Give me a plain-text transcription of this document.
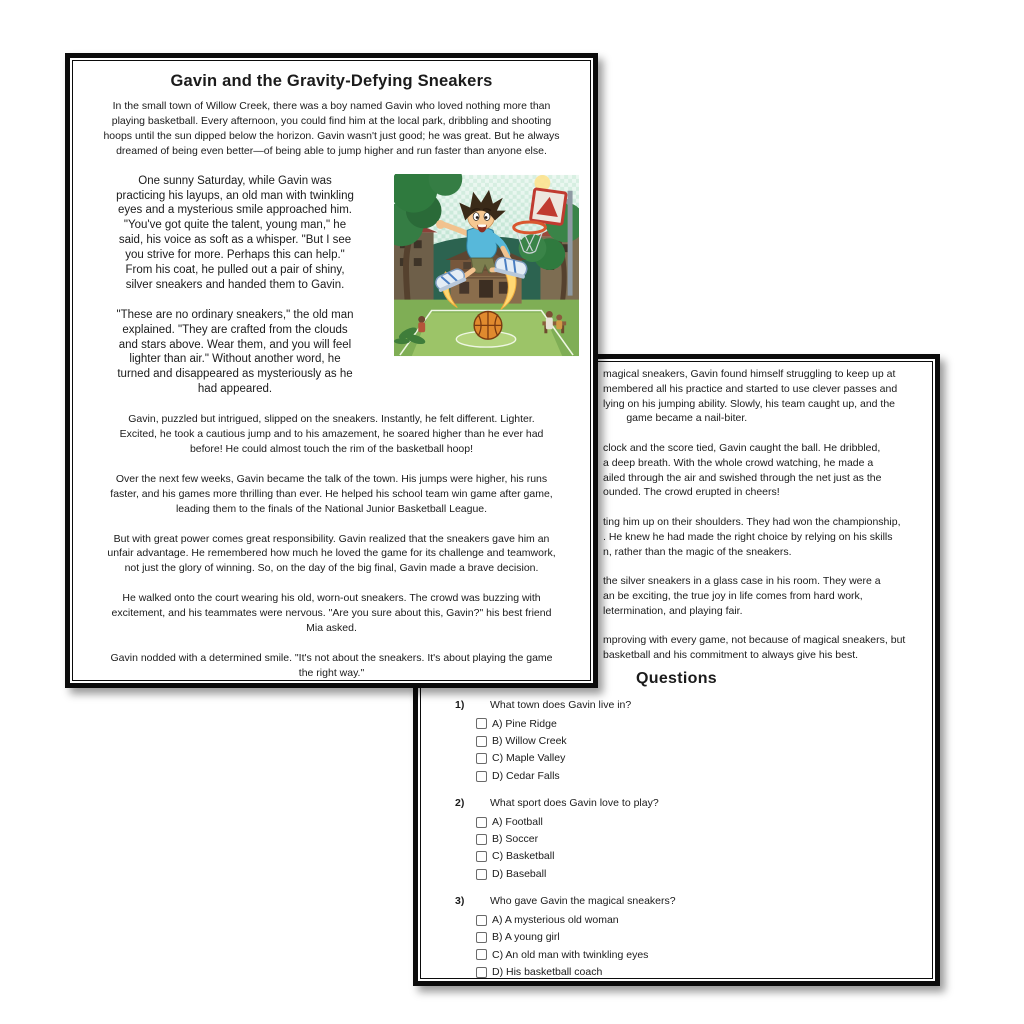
magical sneakers, Gavin found himself struggling to keep up at
membered all his practice and started to use clever passes and
lying on his jumping ability. Slowly, his team caught up, and the
game became a nail-biter.

clock and the score tied, Gavin caught the ball. He dribbled,
a deep breath. With the whole crowd watching, he made a
ailed through the air and swished through the net just as the
ounded. The crowd erupted in cheers!

ting him up on their shoulders. They had won the championship,
. He knew he had made the right choice by relying on his skills
n, rather than the magic of the sneakers.

the silver sneakers in a glass case in his room. They were a
an be exciting, the true joy in life comes from hard work,
letermination, and playing fair.

mproving with every game, not because of magical sneakers, but
basketball and his commitment to always give his best.

Questions
1)	What town does Gavin live in?
A) Pine Ridge
B) Willow Creek
C) Maple Valley
D) Cedar Falls
2)	What sport does Gavin love to play?
A) Football
B) Soccer
C) Basketball
D) Baseball
3)	Who gave Gavin the magical sneakers?
A) A mysterious old woman
B) A young girl
C) An old man with twinkling eyes
D) His basketball coach
Gavin and the Gravity-Defying Sneakers
In the small town of Willow Creek, there was a boy named Gavin who loved nothing more than
playing basketball. Every afternoon, you could find him at the local park, dribbling and shooting
hoops until the sun dipped below the horizon. Gavin wasn't just good; he was great. But he always
dreamed of being even better—of being able to jump higher and run faster than anyone else.

One sunny Saturday, while Gavin was
practicing his layups, an old man with twinkling
eyes and a mysterious smile approached him.
"You've got quite the talent, young man," he
said, his voice as soft as a whisper. "But I see
you strive for more. Perhaps this can help."
From his coat, he pulled out a pair of shiny,
silver sneakers and handed them to Gavin.

"These are no ordinary sneakers," the old man
explained. "They are crafted from the clouds
and stars above. Wear them, and you will feel
lighter than air." Without another word, he
turned and disappeared as mysteriously as he
had appeared.

Gavin, puzzled but intrigued, slipped on the sneakers. Instantly, he felt different. Lighter.
Excited, he took a cautious jump and to his amazement, he soared higher than he ever had
before! He could almost touch the rim of the basketball hoop!

Over the next few weeks, Gavin became the talk of the town. His jumps were higher, his runs
faster, and his games more thrilling than ever. He helped his school team win game after game,
leading them to the finals of the National Junior Basketball League.

But with great power comes great responsibility. Gavin realized that the sneakers gave him an
unfair advantage. He remembered how much he loved the game for its challenge and teamwork,
not just the glory of winning. So, on the day of the big final, Gavin made a brave decision.

He walked onto the court wearing his old, worn-out sneakers. The crowd was buzzing with
excitement, and his teammates were nervous. "Are you sure about this, Gavin?" his best friend
Mia asked.

Gavin nodded with a determined smile. "It's not about the sneakers. It's about playing the game
the right way."
